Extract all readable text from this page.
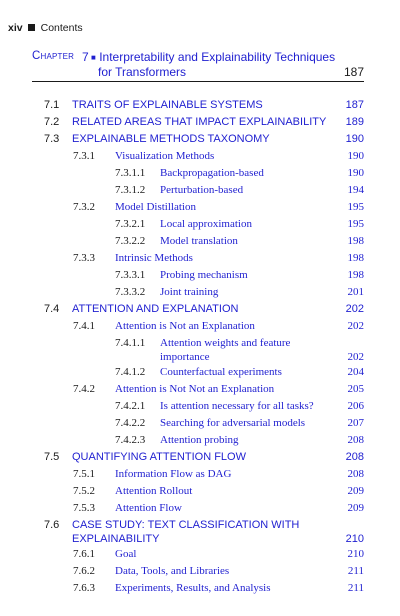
xiv Contents
Chapter 7 ■ Interpretability and Explainability Techniques
for Transformers	187
7.1 TRAITS OF EXPLAINABLE SYSTEMS	187
7.2 RELATED AREAS THAT IMPACT EXPLAINABILITY 189
7.3 EXPLAINABLE METHODS TAXONOMY	190
7.3.1 Visualization Methods	190
7.3.1.1 Backpropagation-based	190
7.3.1.2 Perturbation-based	194
7.3.2 Model Distillation	195
7.3.2.1 Local approximation	195
7.3.2.2 Model translation	198
7.3.3 Intrinsic Methods	198
7.3.3.1 Probing mechanism	198
7.3.3.2 Joint training	201
7.4 ATTENTION AND EXPLANATION	202
7.4.1 Attention is Not an Explanation	202
7.4.1.1 Attention weights and feature
importance	202
7.4.1.2 Counterfactual experiments	204
7.4.2 Attention is Not Not an Explanation	205
7.4.2.1 Is attention necessary for all tasks?	206
7.4.2.2 Searching for adversarial models	207
7.4.2.3 Attention probing	208
7.5 QUANTIFYING ATTENTION FLOW	208
7.5.1 Information Flow as DAG	208
7.5.2 Attention Rollout	209
7.5.3 Attention Flow	209
7.6 CASE STUDY: TEXT CLASSIFICATION WITH
EXPLAINABILITY	210
7.6.1 Goal	210
7.6.2 Data, Tools, and Libraries	211
7.6.3 Experiments, Results, and Analysis	211
